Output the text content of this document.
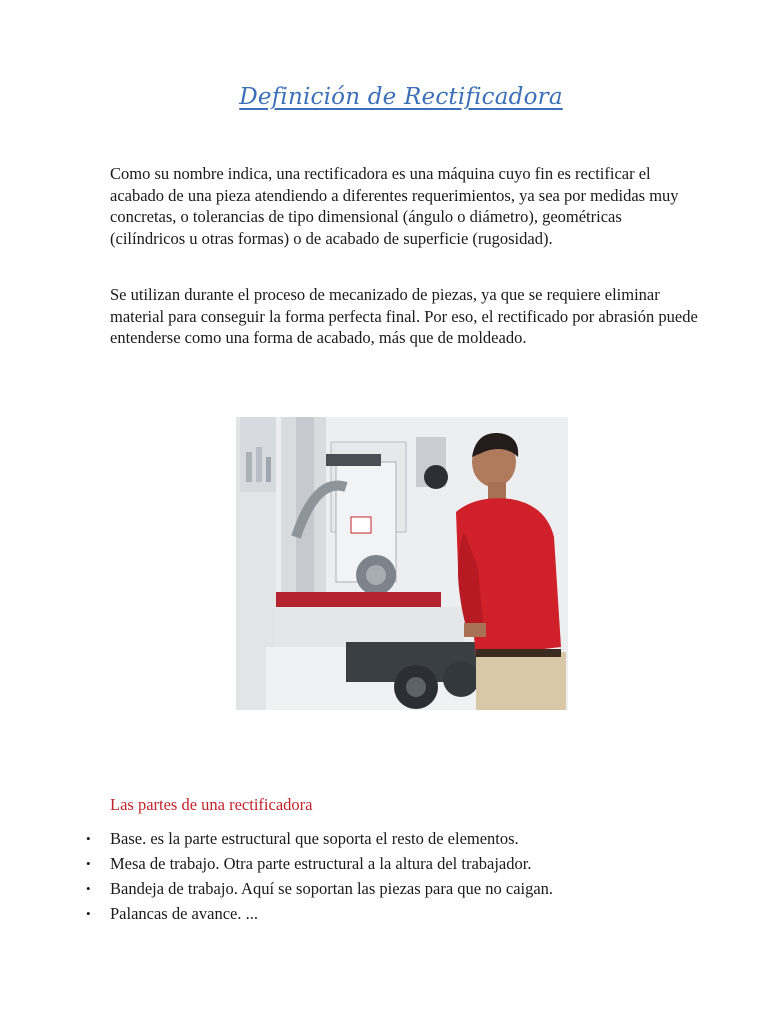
Definición de Rectificadora
Como su nombre indica, una rectificadora es una máquina cuyo fin es rectificar el acabado de una pieza atendiendo a diferentes requerimientos, ya sea por medidas muy concretas, o tolerancias de tipo dimensional (ángulo o diámetro), geométricas (cilíndricos u otras formas) o de acabado de superficie (rugosidad).
Se utilizan durante el proceso de mecanizado de piezas, ya que se requiere eliminar material para conseguir la forma perfecta final. Por eso, el rectificado por abrasión puede entenderse como una forma de acabado, más que de moldeado.
Las partes de una rectificadora
• Base. es la parte estructural que soporta el resto de elementos.
• Mesa de trabajo. Otra parte estructural a la altura del trabajador.
• Bandeja de trabajo. Aquí se soportan las piezas para que no caigan.
• Palancas de avance. ...
